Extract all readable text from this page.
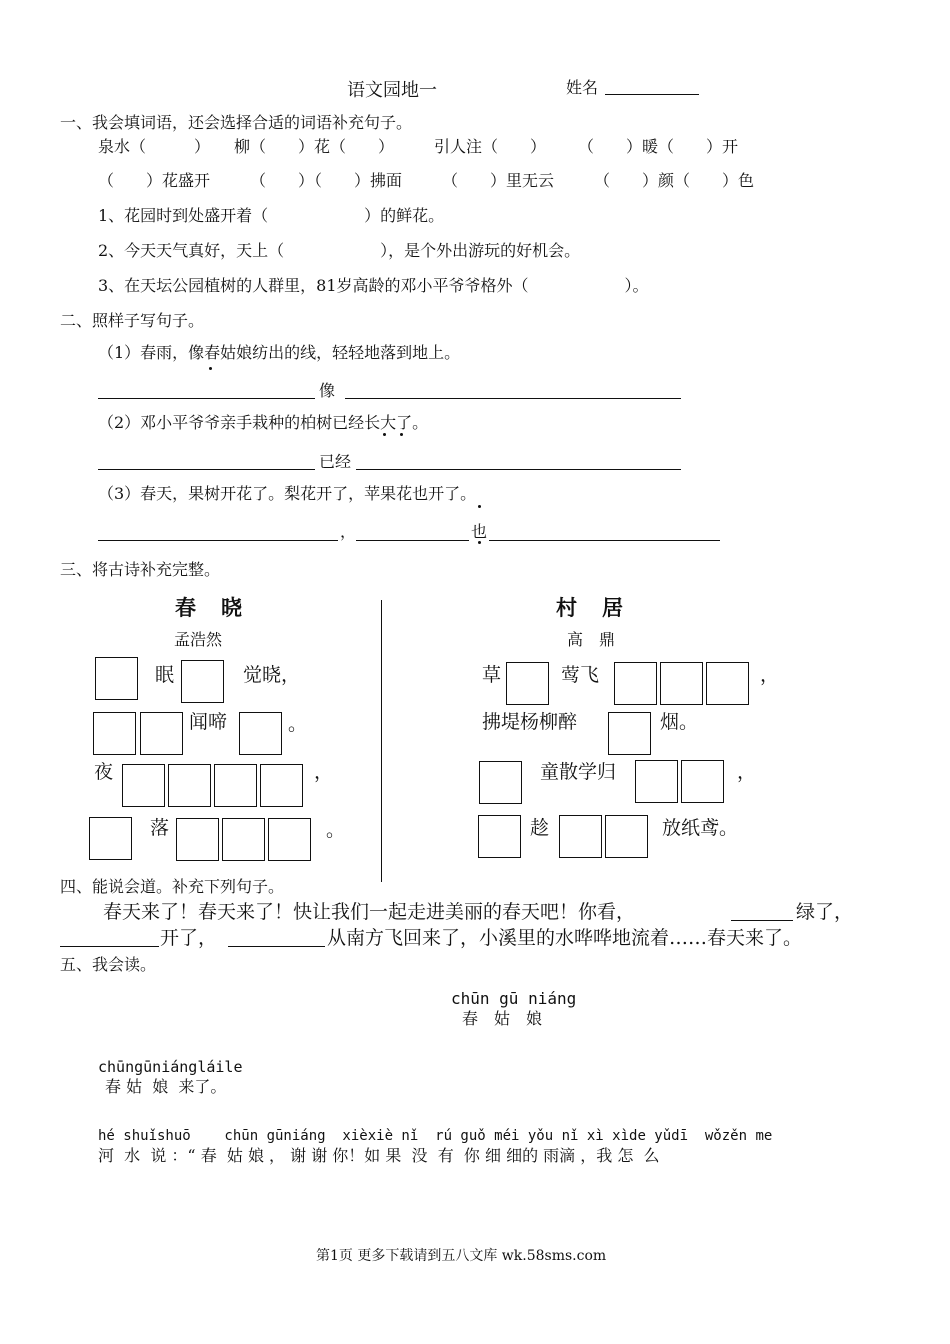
语文园地一	姓名
一、我会填词语，还会选择合适的词语补充句子。
泉水（　　　）　　柳（　　）花（　　）　　　引人注（　　）　　　（　　）暖（　　）开
（　　）花盛开　　　（　　）（　　）拂面　　　（　　）里无云　　　（　　）颜（　　）色
1、花园时到处盛开着（　　　　　　）的鲜花。
2、今天天气真好，天上（　　　　　　），是个外出游玩的好机会。
3、在天坛公园植树的人群里，81岁高龄的邓小平爷爷格外（　　　　　　）。
二、照样子写句子。
（1）春雨，像春姑娘纺出的线，轻轻地落到地上。
像
（2）邓小平爷爷亲手栽种的柏树已经长大了。
已经
（3）春天，果树开花了。梨花开了，苹果花也开了。
，	也
三、将古诗补充完整。
春　晓
孟浩然
眠	觉晓，
闻啼	。
夜	，
落	。
村　居
高　鼎
草	莺飞	，
拂堤杨柳醉	烟。
童散学归	，
趁	放纸鸢。
四、能说会道。补充下列句子。
春天来了！春天来了！快让我们一起走进美丽的春天吧！你看，	绿了，
开了，	从南方飞回来了，小溪里的水哗哗地流着……春天来了。
五、我会读。
chūn gū niáng
春　姑　娘
chūngūniángláile
春 姑  娘  来了。
hé shuǐshuō    chūn gūniáng  xièxiè nǐ  rú guǒ méi yǒu nǐ xì xìde yǔdī  wǒzěn me
河  水  说 ：“ 春  姑 娘 ， 谢 谢 你！如 果  没  有  你 细 细的 雨滴 ，我 怎  么
第1页 更多下载请到五八文库 wk.58sms.com
